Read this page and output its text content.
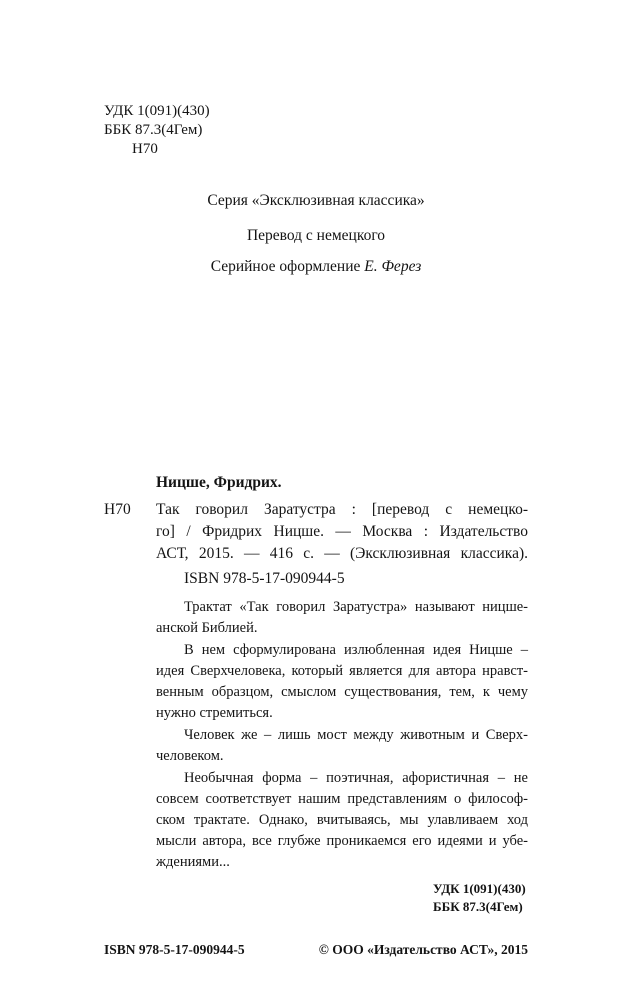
УДК 1(091)(430)
ББК 87.3(4Гем)
Н70
Серия «Эксклюзивная классика»
Перевод с немецкого
Серийное оформление Е. Ферез
Ницше, Фридрих.
Н70 Так говорил Заратустра : [перевод с немецко-
го] / Фридрих Ницше. — Москва : Издательство
АСТ, 2015. — 416 с. — (Эксклюзивная классика).
ISBN 978-5-17-090944-5
Трактат «Так говорил Заратустра» называют ницше-
анской Библией.
В нем сформулирована излюбленная идея Ницше –
идея Сверхчеловека, который является для автора нравст-
венным образцом, смыслом существования, тем, к чему
нужно стремиться.
Человек же – лишь мост между животным и Сверх-
человеком.
Необычная форма – поэтичная, афористичная – не
совсем соответствует нашим представлениям о философ-
ском трактате. Однако, вчитываясь, мы улавливаем ход
мысли автора, все глубже проникаемся его идеями и убе-
ждениями...
УДК 1(091)(430)
ББК 87.3(4Гем)
ISBN 978-5-17-090944-5	© ООО «Издательство АСТ», 2015
